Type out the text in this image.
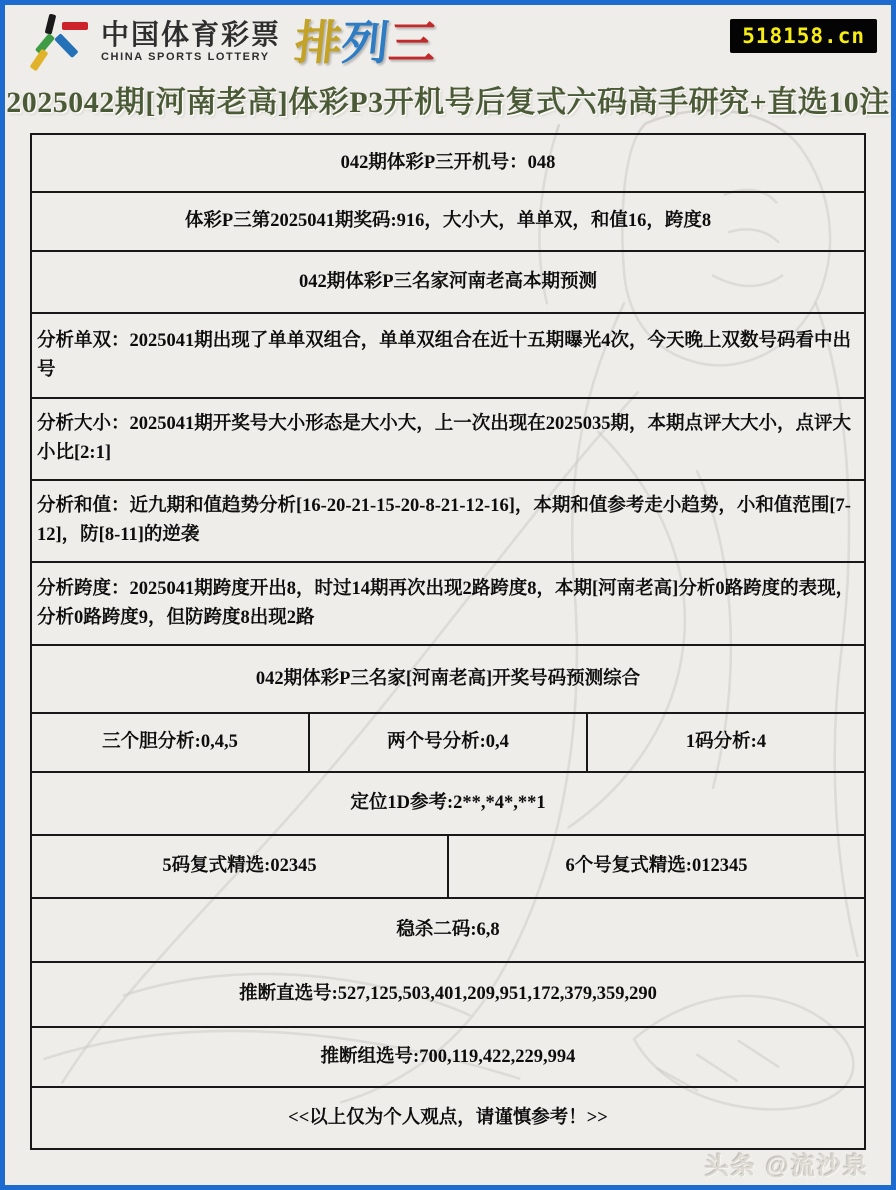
中国体育彩票
CHINA SPORTS LOTTERY 排列三	518158.cn
2025042期[河南老高]体彩P3开机号后复式六码高手研究+直选10注
042期体彩P三开机号：048
体彩P三第2025041期奖码:916，大小大，单单双，和值16，跨度8
042期体彩P三名家河南老高本期预测
分析单双：2025041期出现了单单双组合，单单双组合在近十五期曝光4次，今天晚上双数号码看中出号
分析大小：2025041期开奖号大小形态是大小大，上一次出现在2025035期，本期点评大大小，点评大小比[2:1]
分析和值：近九期和值趋势分析[16-20-21-15-20-8-21-12-16]，本期和值参考走小趋势，小和值范围[7-12]，防[8-11]的逆袭
分析跨度：2025041期跨度开出8，时过14期再次出现2路跨度8，本期[河南老高]分析0路跨度的表现，分析0路跨度9，但防跨度8出现2路
042期体彩P三名家[河南老高]开奖号码预测综合
三个胆分析:0,4,5	两个号分析:0,4	1码分析:4
定位1D参考:2**,*4*,**1
5码复式精选:02345	6个号复式精选:012345
稳杀二码:6,8
推断直选号:527,125,503,401,209,951,172,379,359,290
推断组选号:700,119,422,229,994
<<以上仅为个人观点，请谨慎参考！>>
头条 @流沙泉
